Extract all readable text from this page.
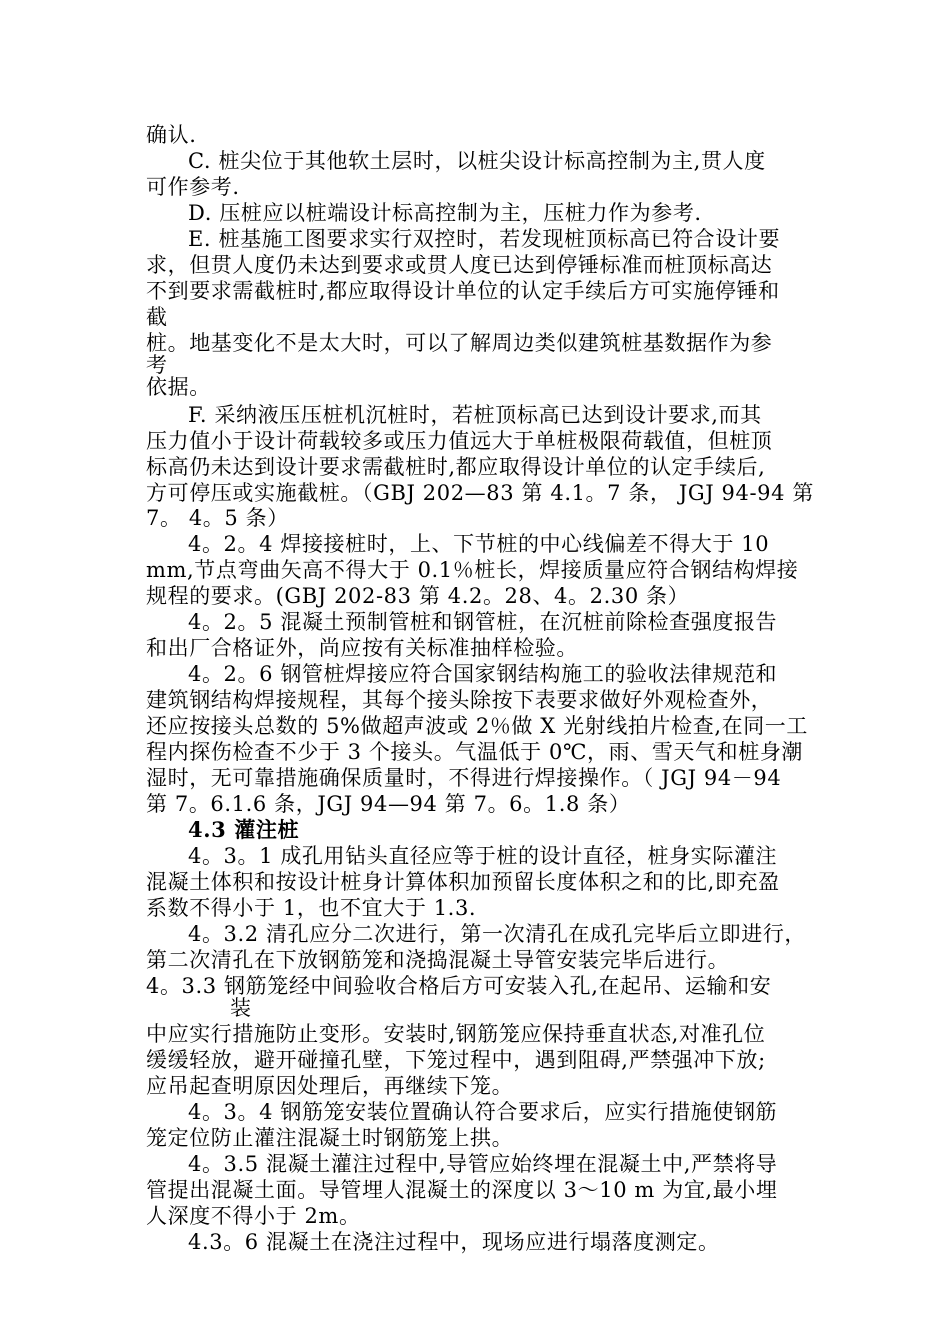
确认.
C. 桩尖位于其他软土层时，以桩尖设计标高控制为主,贯人度
可作参考.
D. 压桩应以桩端设计标高控制为主，压桩力作为参考.
E. 桩基施工图要求实行双控时，若发现桩顶标高已符合设计要
求，但贯人度仍未达到要求或贯人度已达到停锤标准而桩顶标高达
不到要求需截桩时,都应取得设计单位的认定手续后方可实施停锤和
截
桩。地基变化不是太大时，可以了解周边类似建筑桩基数据作为参
考
依据。
F. 采纳液压压桩机沉桩时，若桩顶标高已达到设计要求,而其
压力值小于设计荷载较多或压力值远大于单桩极限荷载值，但桩顶
标高仍未达到设计要求需截桩时,都应取得设计单位的认定手续后,
方可停压或实施截桩。（GBJ 202—83 第 4.1。7 条， JGJ 94-94 第
7。 4。5 条）
4。2。4 焊接接桩时，上、下节桩的中心线偏差不得大于 10
mm,节点弯曲矢高不得大于 0.1％桩长，焊接质量应符合钢结构焊接
规程的要求。(GBJ 202-83 第 4.2。28、4。2.30 条）
4。2。5 混凝土预制管桩和钢管桩，在沉桩前除检查强度报告
和出厂合格证外，尚应按有关标准抽样检验。
4。2。6 钢管桩焊接应符合国家钢结构施工的验收法律规范和
建筑钢结构焊接规程，其每个接头除按下表要求做好外观检查外，
还应按接头总数的 5%做超声波或 2％做 X 光射线拍片检查,在同一工
程内探伤检查不少于 3 个接头。气温低于 0℃，雨、雪天气和桩身潮
湿时，无可靠措施确保质量时，不得进行焊接操作。（ JGJ 94－94
第 7。6.1.6 条，JGJ 94—94 第 7。6。1.8 条）
4.3 灌注桩
4。3。1 成孔用钻头直径应等于桩的设计直径，桩身实际灌注
混凝土体积和按设计桩身计算体积加预留长度体积之和的比,即充盈
系数不得小于 1，也不宜大于 1.3.
4。3.2 清孔应分二次进行，第一次清孔在成孔完毕后立即进行，
第二次清孔在下放钢筋笼和浇捣混凝土导管安装完毕后进行。
4。3.3 钢筋笼经中间验收合格后方可安装入孔,在起吊、运输和安
装
中应实行措施防止变形。安装时,钢筋笼应保持垂直状态,对准孔位
缓缓轻放，避开碰撞孔壁，下笼过程中，遇到阻碍,严禁强冲下放;
应吊起查明原因处理后，再继续下笼。
4。3。4 钢筋笼安装位置确认符合要求后，应实行措施使钢筋
笼定位防止灌注混凝土时钢筋笼上拱。
4。3.5 混凝土灌注过程中,导管应始终埋在混凝土中,严禁将导
管提出混凝土面。导管埋人混凝土的深度以 3～10 m 为宜,最小埋
人深度不得小于 2m。
4.3。6 混凝土在浇注过程中，现场应进行塌落度测定。
